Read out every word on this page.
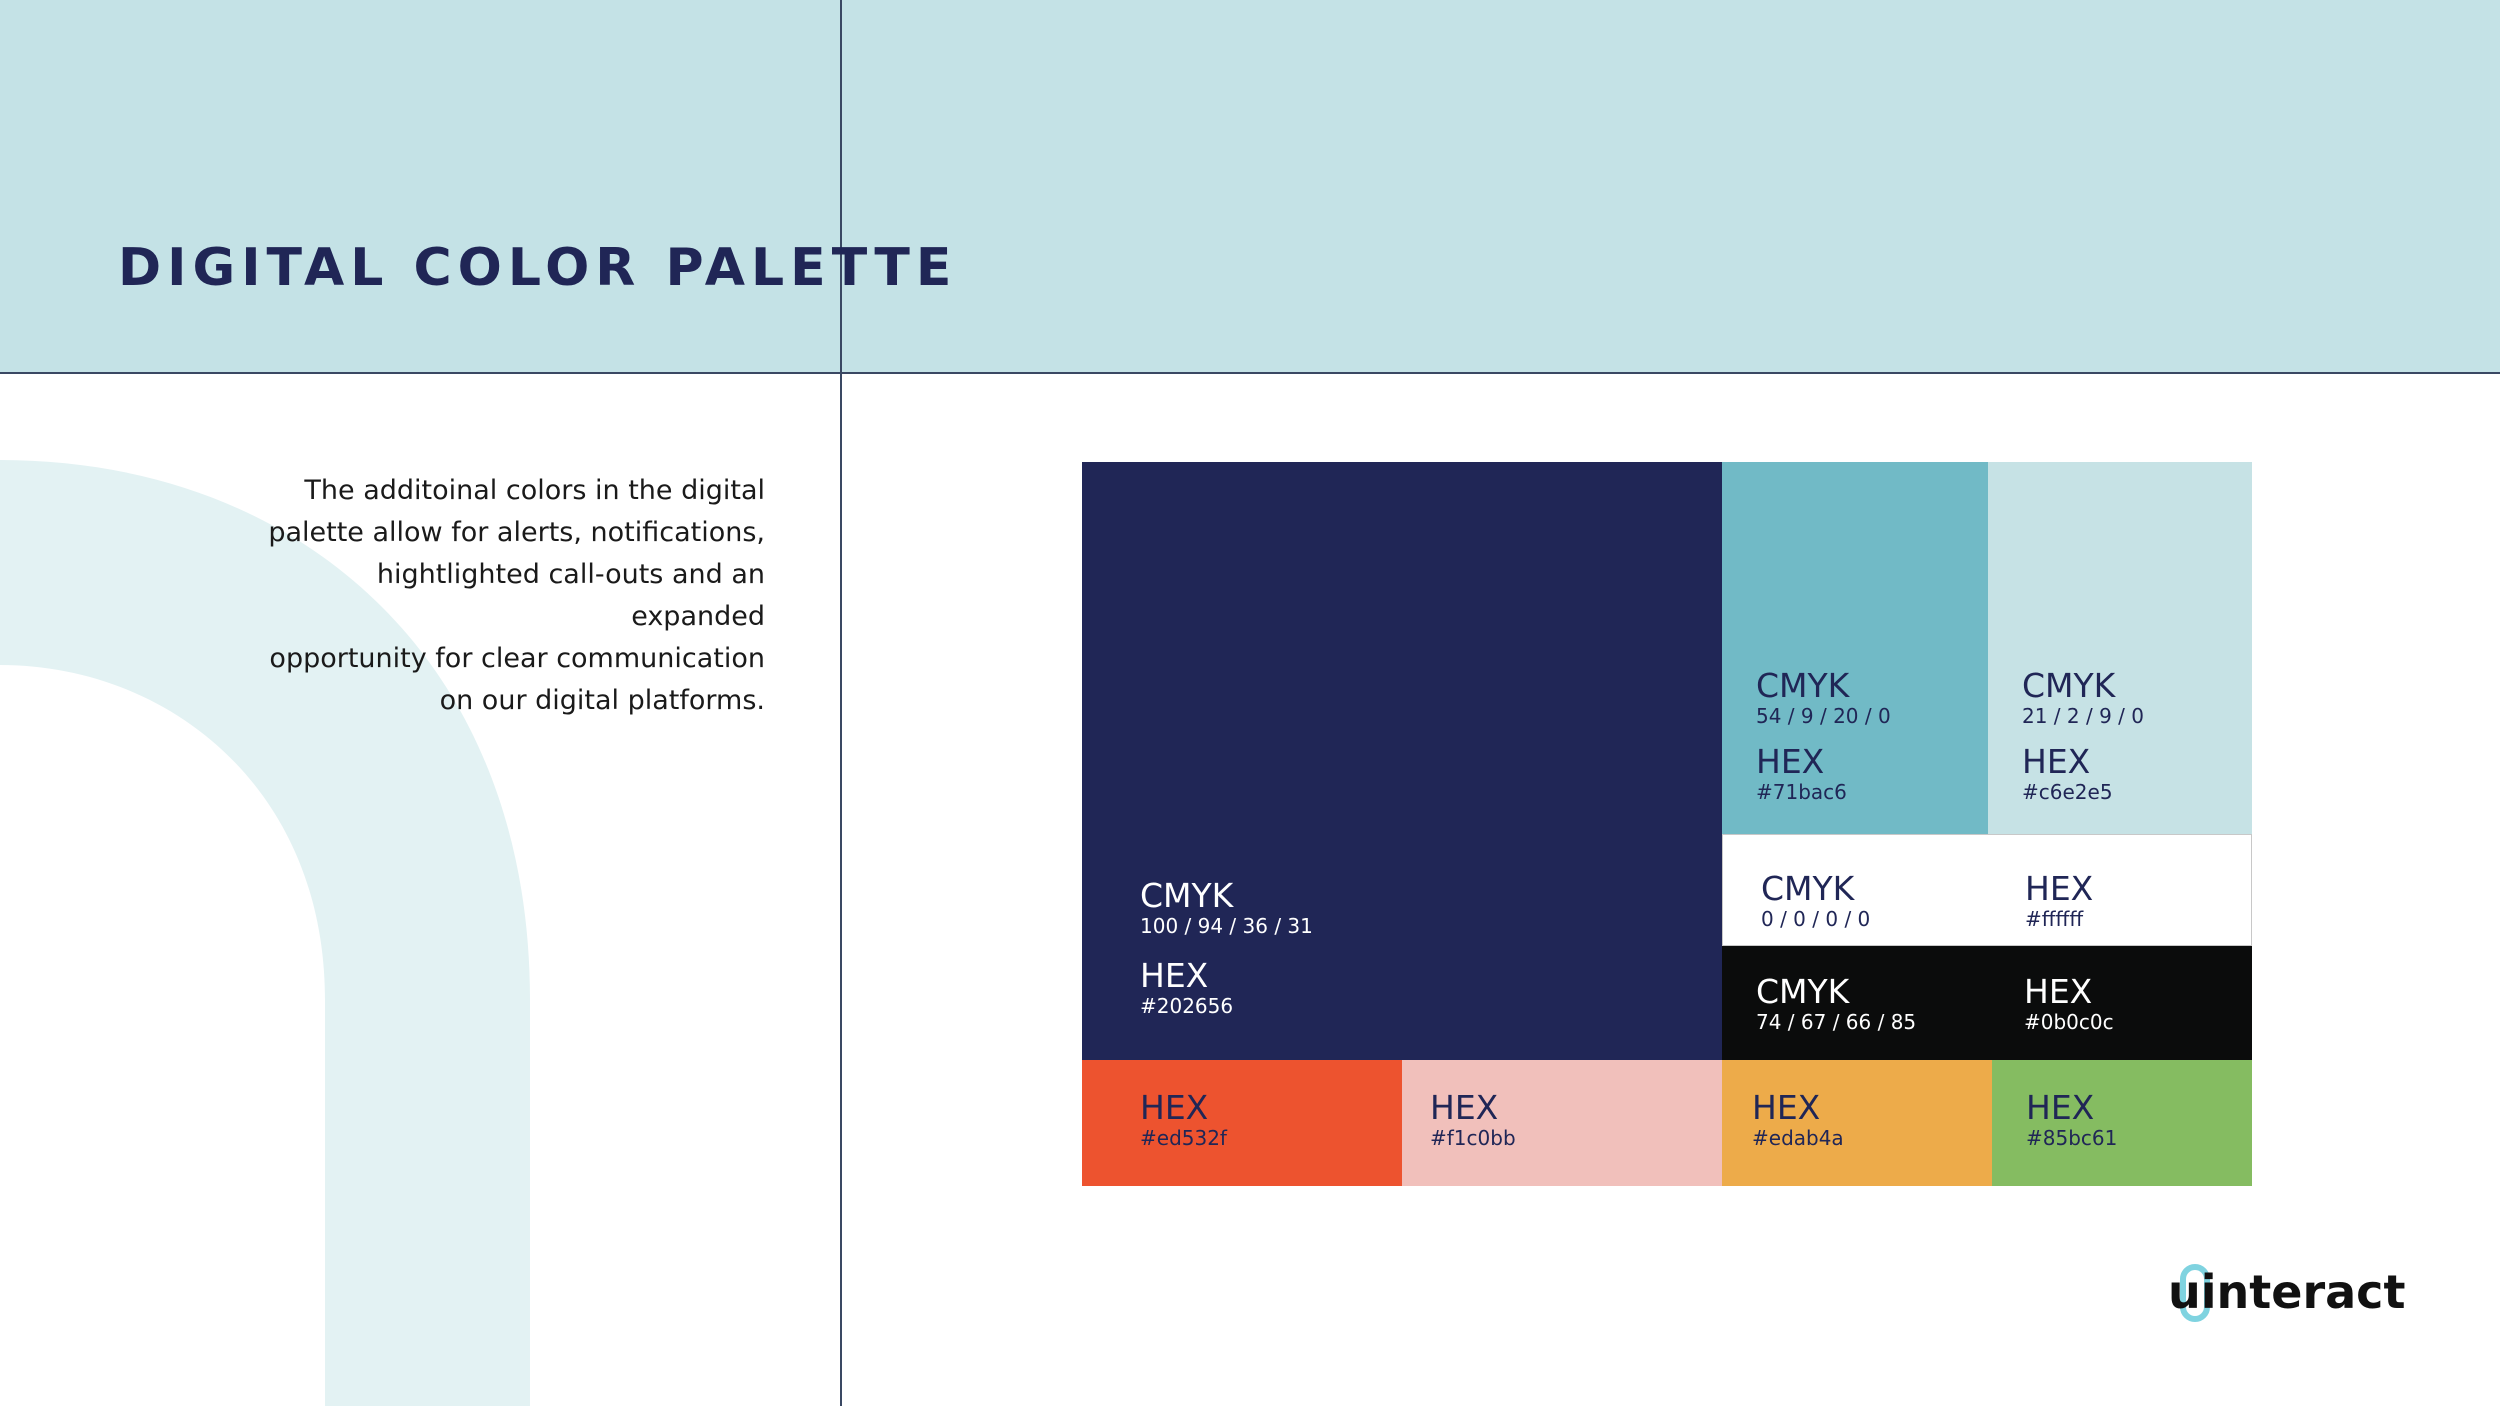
DIGITAL COLOR PALETTE

The additoinal colors in the digital
palette allow for alerts, notifications,
hightlighted call-outs and an expanded
opportunity for clear communication
on our digital platforms.

CMYK
100 / 94 / 36 / 31
HEX
#202656
CMYK
54 / 9 / 20 / 0
HEX
#71bac6
CMYK
21 / 2 / 9 / 0
HEX
#c6e2e5
CMYK
0 / 0 / 0 / 0
HEX
#ffffff
CMYK
74 / 67 / 66 / 85
HEX
#0b0c0c
HEX
#ed532f
HEX
#f1c0bb
HEX
#edab4a
HEX
#85bc61
uinteract
